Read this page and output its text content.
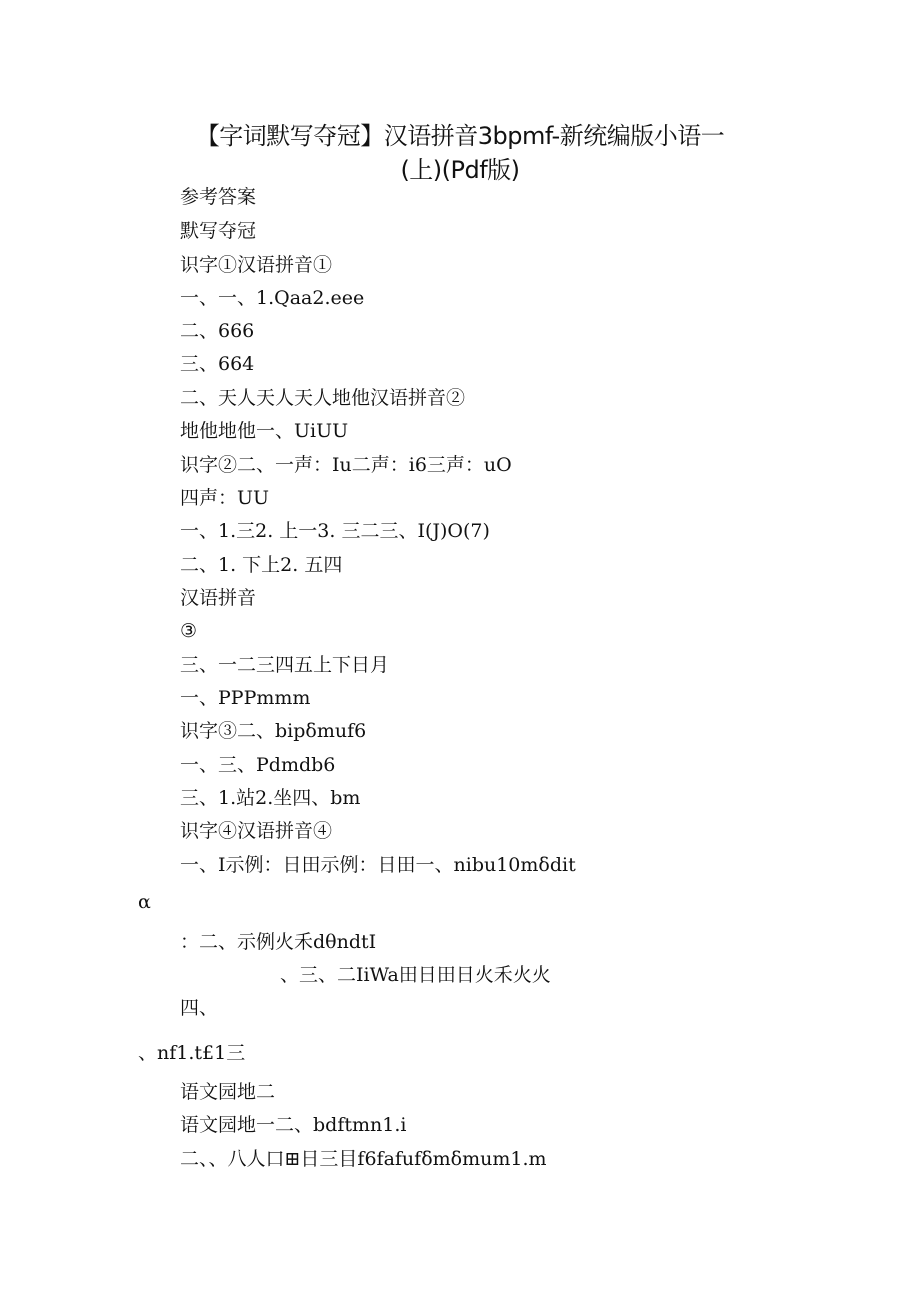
【字词默写夺冠】汉语拼音3bpmf-新统编版小语一
(上)(Pdf版)
参考答案
默写夺冠
识字①汉语拼音①
一、一、1.Qaa2.eee
二、666
三、664
二、天人天人天人地他汉语拼音②
地他地他一、UiUU
识字②二、一声：Iu二声：i6三声：uO
四声：UU
一、1.三2. 上一3. 三二三、I(J)O(7)
二、1. 下上2. 五四
汉语拼音
③
三、一二三四五上下日月
一、PPPmmm
识字③二、bipδmuf6
一、三、Pdmdb6
三、1.站2.坐四、bm
识字④汉语拼音④
一、I示例：日田示例：日田一、nibu10mδdit
α
：二、示例火禾dθndtI
、三、二IiWa田日田日火禾火火
四、
、nf1.t£1三
语文园地二
语文园地一二、bdftmn1.i
二、、八人口⊞日三目f6fafufδmδmum1.m
